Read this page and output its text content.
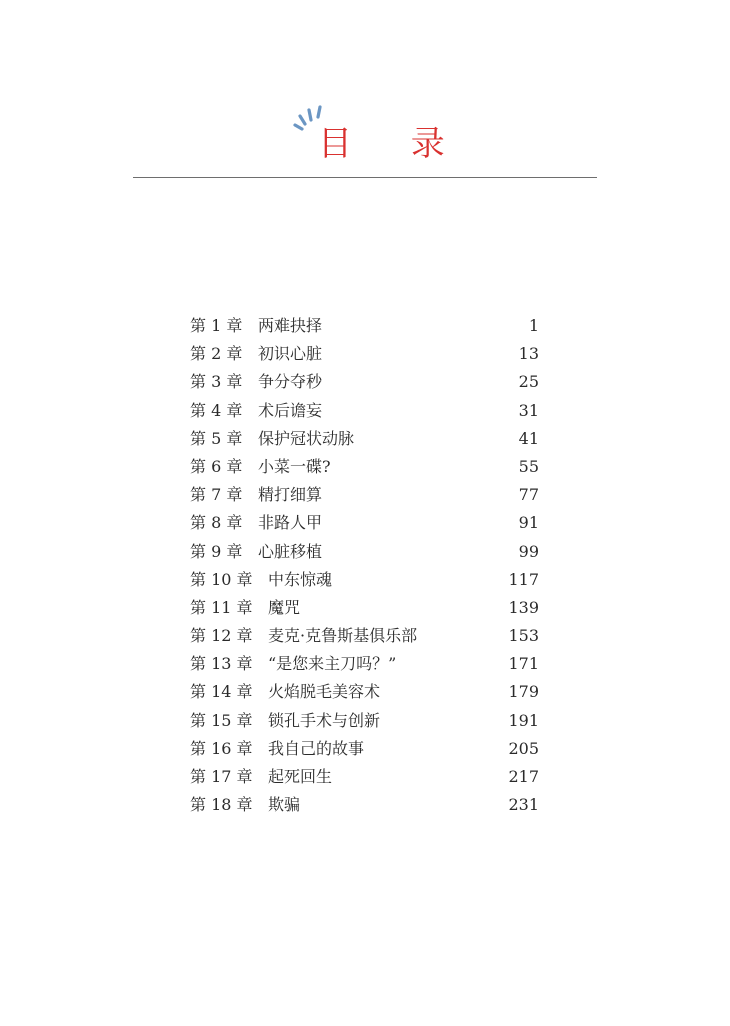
目 录
第 1 章 两难抉择	1
第 2 章 初识心脏	13
第 3 章 争分夺秒	25
第 4 章 术后谵妄	31
第 5 章 保护冠状动脉	41
第 6 章 小菜一碟?	55
第 7 章 精打细算	77
第 8 章 非路人甲	91
第 9 章 心脏移植	99
第 10 章 中东惊魂	117
第 11 章 魔咒	139
第 12 章 麦克·克鲁斯基俱乐部	153
第 13 章 “是您来主刀吗？”	171
第 14 章 火焰脱毛美容术	179
第 15 章 锁孔手术与创新	191
第 16 章 我自己的故事	205
第 17 章 起死回生	217
第 18 章 欺骗	231
